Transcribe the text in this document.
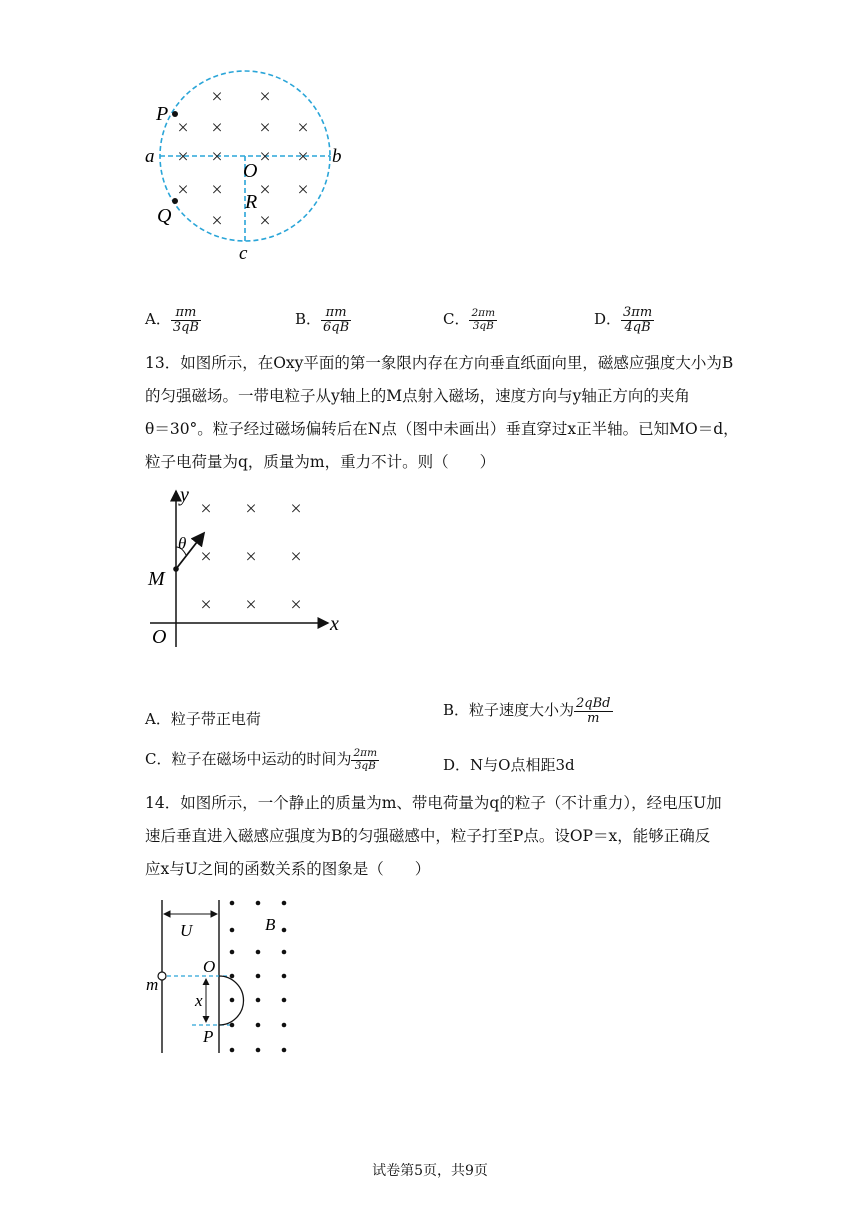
× ×
× × × ×
× × × ×
× × × ×
× ×
P
Q
a	b
O
R
c
A． $\frac{\pi m}{3qB}$	B． $\frac{\pi m}{6qB}$	C． $\frac{2\pi m}{3qB}$	D． $\frac{3\pi m}{4qB}$
13．如图所示，在Oxy平面的第一象限内存在方向垂直纸面向里，磁感应强度大小为B
的匀强磁场。一带电粒子从y轴上的M点射入磁场，速度方向与y轴正方向的夹角
θ＝30°。粒子经过磁场偏转后在N点（图中未画出）垂直穿过x正半轴。已知MO＝d，
粒子电荷量为q，质量为m，重力不计。则（　　）
× × ×
× × ×
× × ×
y
x
O
M
θ
A．粒子带正电荷	B．粒子速度大小为 $\frac{\text{2qBd}}{m}$
C．粒子在磁场中运动的时间为 $\frac{2\pi m}{3qB}$	D．N与O点相距3d
14．如图所示，一个静止的质量为m、带电荷量为q的粒子（不计重力），经电压U加
速后垂直进入磁感应强度为B的匀强磁感中，粒子打至P点。设OP＝x，能够正确反
应x与U之间的函数关系的图象是（　　）
U	B
m
O
x
P
试卷第5页，共9页
